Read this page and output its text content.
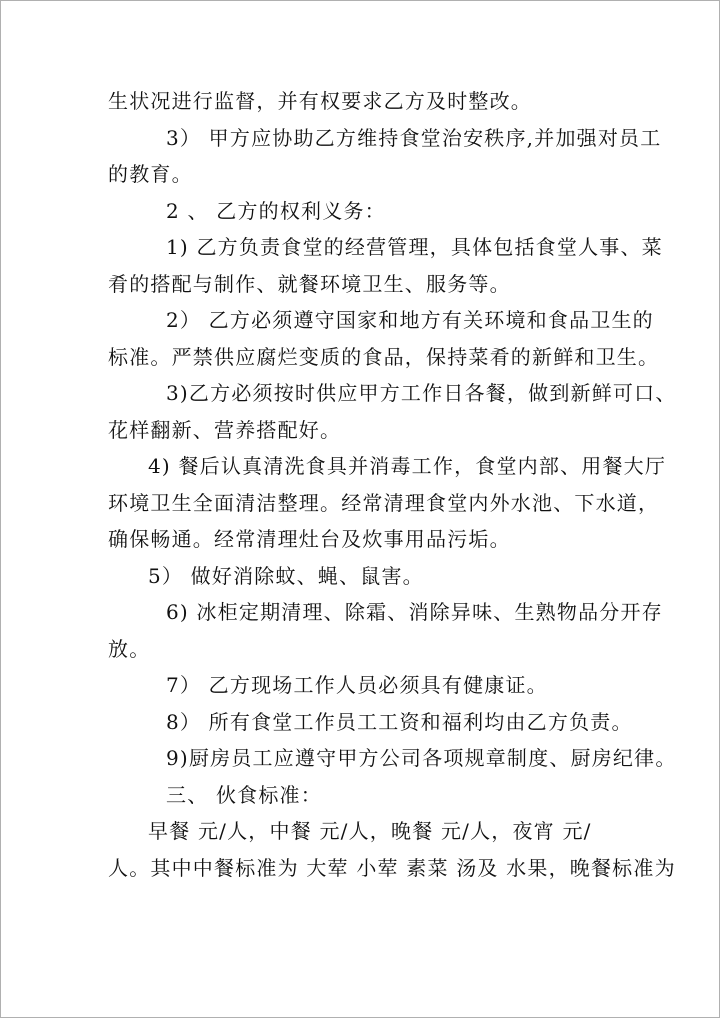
生状况进行监督，并有权要求乙方及时整改。
3） 甲方应协助乙方维持食堂治安秩序,并加强对员工
的教育。
2 、 乙方的权利义务：
1) 乙方负责食堂的经营管理，具体包括食堂人事、菜
肴的搭配与制作、就餐环境卫生、服务等。
2） 乙方必须遵守国家和地方有关环境和食品卫生的
标准。严禁供应腐烂变质的食品，保持菜肴的新鲜和卫生。
3)乙方必须按时供应甲方工作日各餐，做到新鲜可口、
花样翻新、营养搭配好。
4) 餐后认真清洗食具并消毒工作，食堂内部、用餐大厅
环境卫生全面清洁整理。经常清理食堂内外水池、下水道，
确保畅通。经常清理灶台及炊事用品污垢。
5） 做好消除蚊、蝇、鼠害。
6) 冰柜定期清理、除霜、消除异味、生熟物品分开存
放。
7） 乙方现场工作人员必须具有健康证。
8） 所有食堂工作员工工资和福利均由乙方负责。
9)厨房员工应遵守甲方公司各项规章制度、厨房纪律。
三、 伙食标准：
早餐 元/人，中餐 元/人，晚餐 元/人，夜宵 元/
人。其中中餐标准为 大荤 小荤 素菜 汤及 水果，晚餐标准为
